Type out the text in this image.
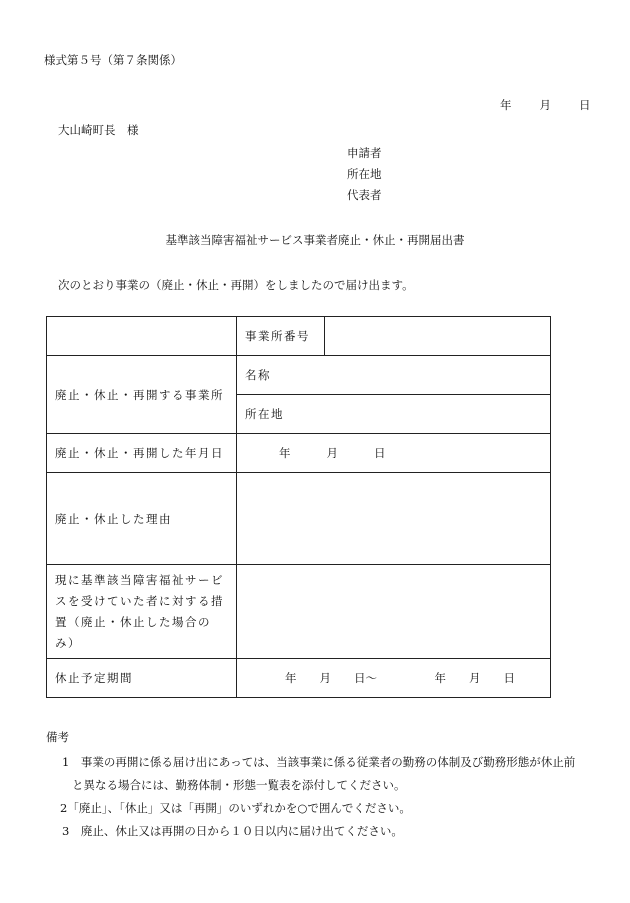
様式第５号（第７条関係）
年 月 日
大山崎町長　様
申請者
所在地
代表者
基準該当障害福祉サービス事業者廃止・休止・再開届出書
次のとおり事業の（廃止・休止・再開）をしましたので届け出ます。
	事業所番号	
廃止・休止・再開する事業所	名称	
	所在地	
廃止・休止・再開した年月日	年 月 日	
廃止・休止した理由		
現に基準該当障害福祉サービスを受けていた者に対する措置（廃止・休止した場合のみ）		
休止予定期間	年　　月　　日～　　　　　年　　月　　日	
備考
1　事業の再開に係る届け出にあっては、当該事業に係る従業者の勤務の体制及び勤務形態が休止前
と異なる場合には、勤務体制・形態一覧表を添付してください。
2「廃止」、「休止」又は「再開」のいずれかを○で囲んでください。
3　廃止、休止又は再開の日から１０日以内に届け出てください。
